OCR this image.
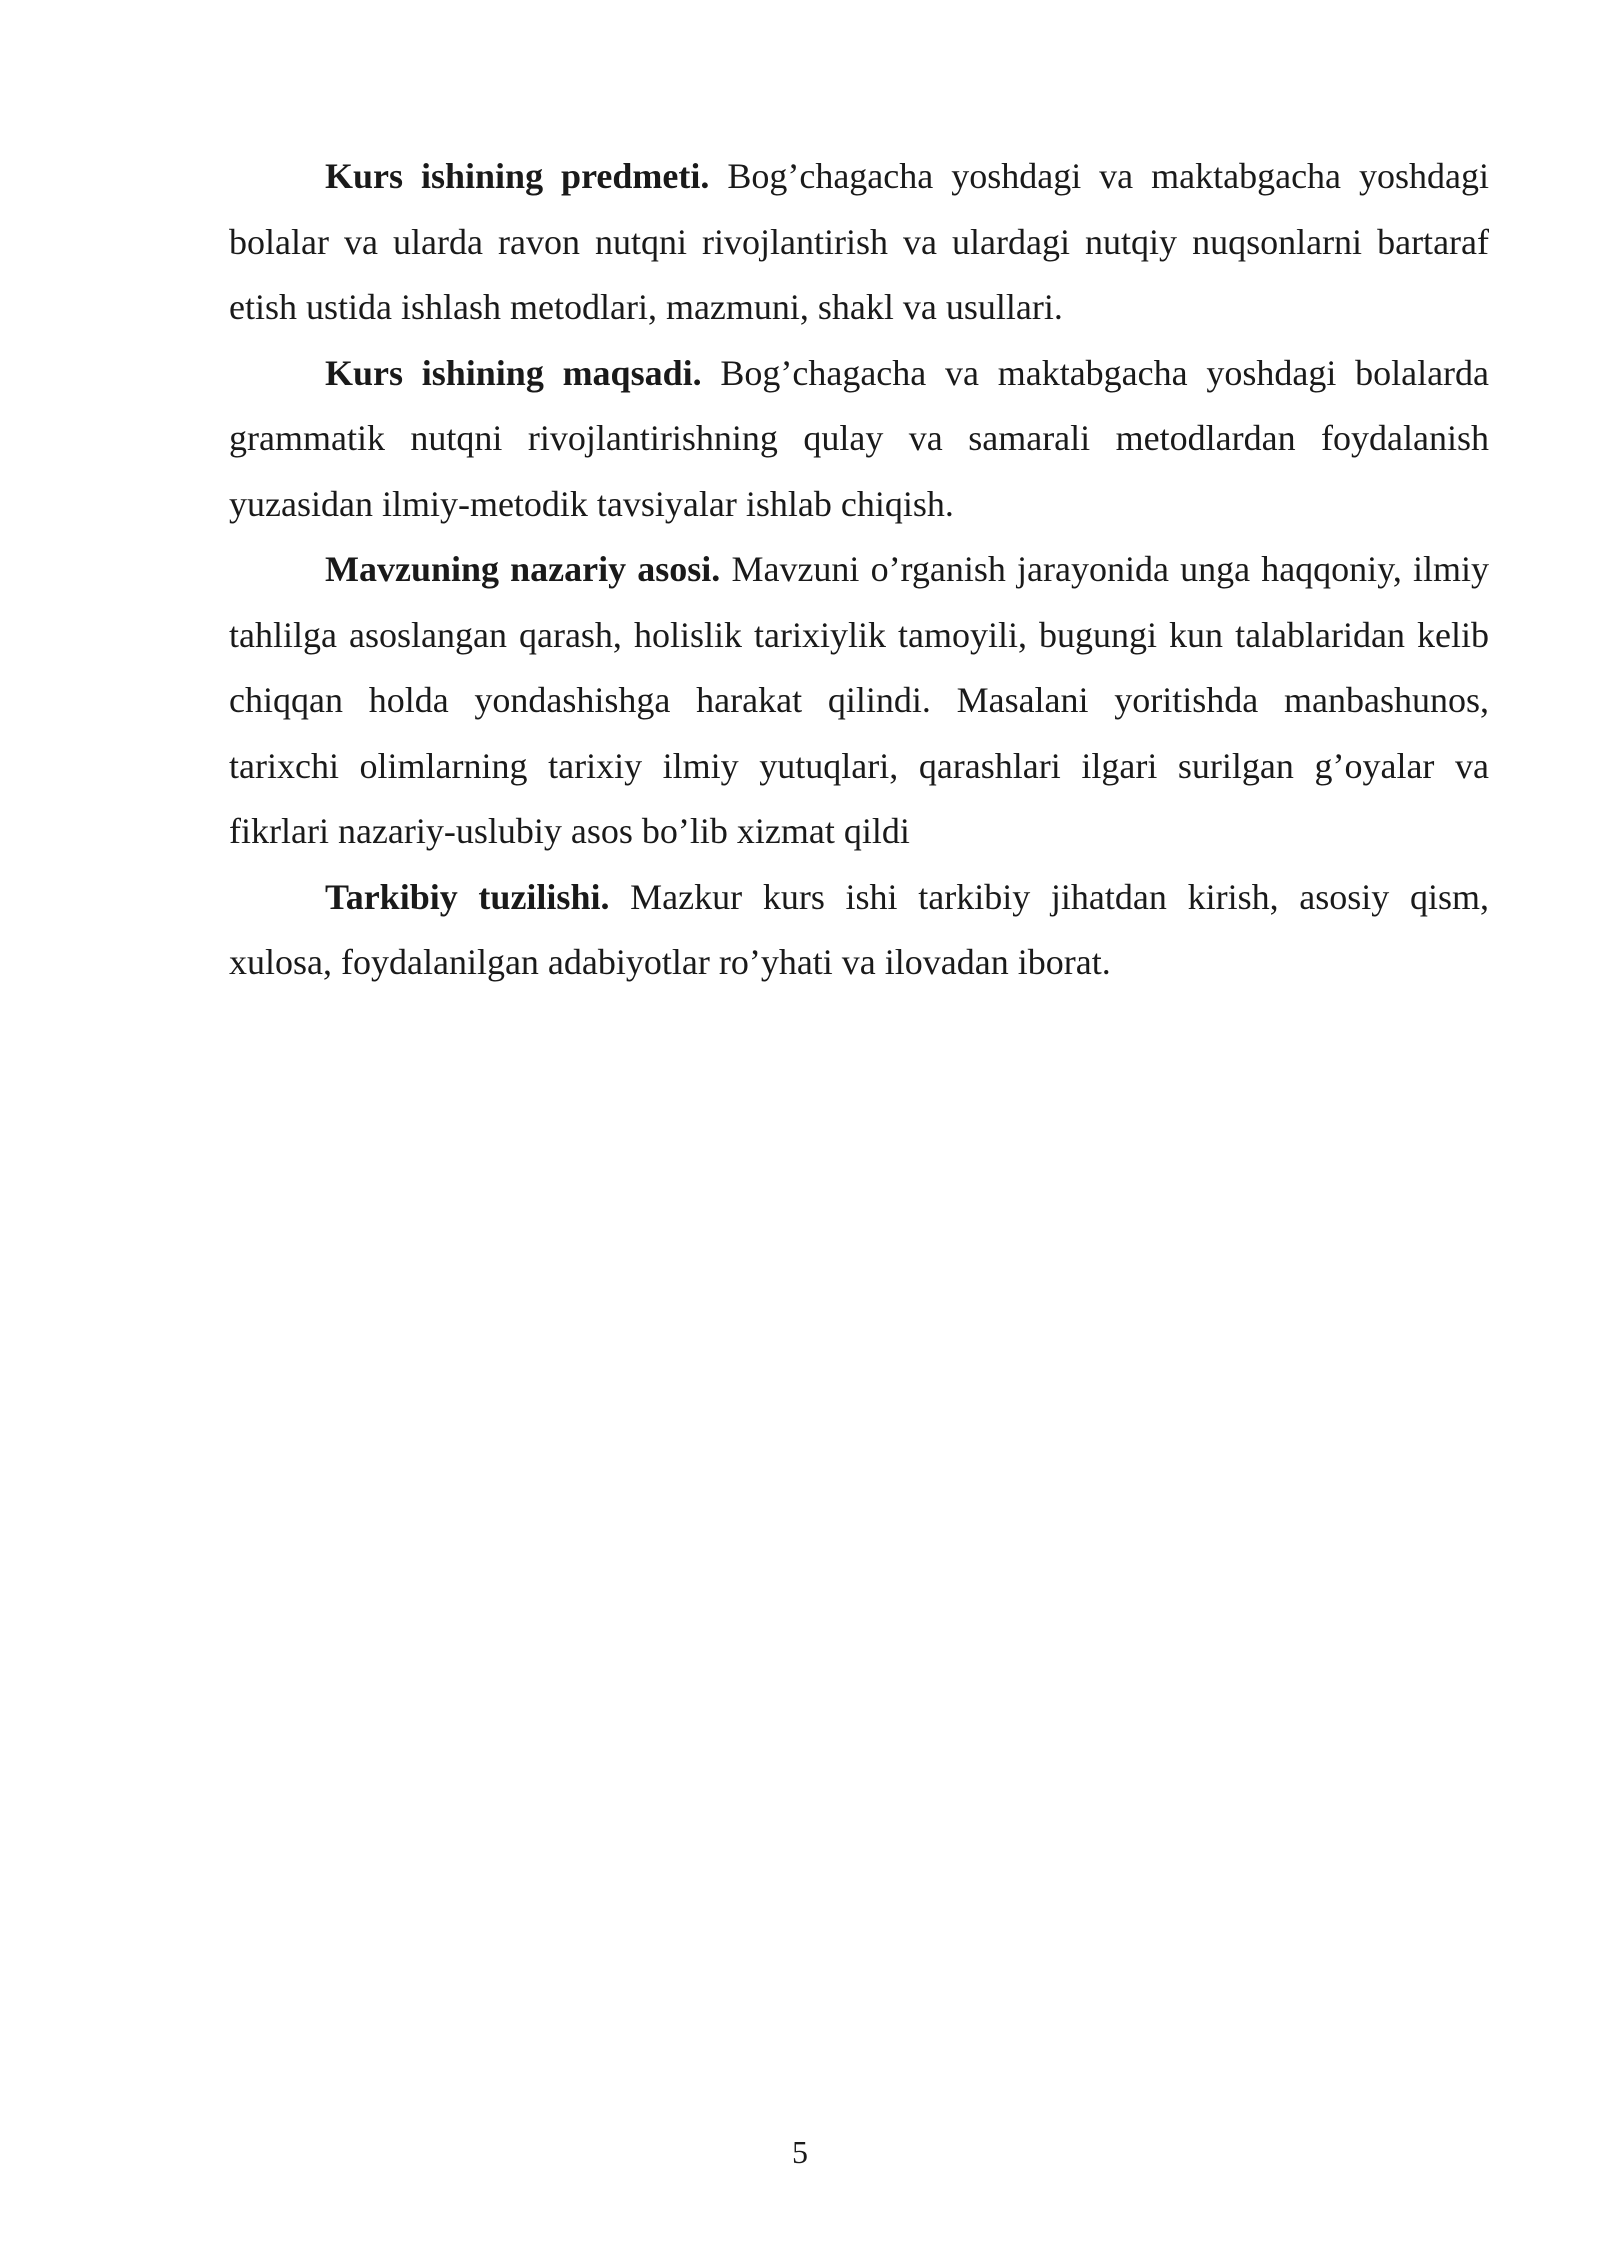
Kurs ishining predmeti. Bog’chagacha yoshdagi va maktabgacha yoshdagi bolalar va ularda ravon nutqni rivojlantirish va ulardagi nutqiy nuqsonlarni bartaraf etish ustida ishlash metodlari, mazmuni, shakl va usullari.

Kurs ishining maqsadi. Bog’chagacha va maktabgacha yoshdagi bolalarda grammatik nutqni rivojlantirishning qulay va samarali metodlardan foydalanish yuzasidan ilmiy-metodik tavsiyalar ishlab chiqish.

Mavzuning nazariy asosi. Mavzuni o’rganish jarayonida unga haqqoniy, ilmiy tahlilga asoslangan qarash, holislik tarixiylik tamoyili, bugungi kun talablaridan kelib chiqqan holda yondashishga harakat qilindi. Masalani yoritishda manbashunos, tarixchi olimlarning tarixiy ilmiy yutuqlari, qarashlari ilgari surilgan g’oyalar va fikrlari nazariy-uslubiy asos bo’lib xizmat qildi

Tarkibiy tuzilishi. Mazkur kurs ishi tarkibiy jihatdan kirish, asosiy qism, xulosa, foydalanilgan adabiyotlar ro’yhati va ilovadan iborat.

5
